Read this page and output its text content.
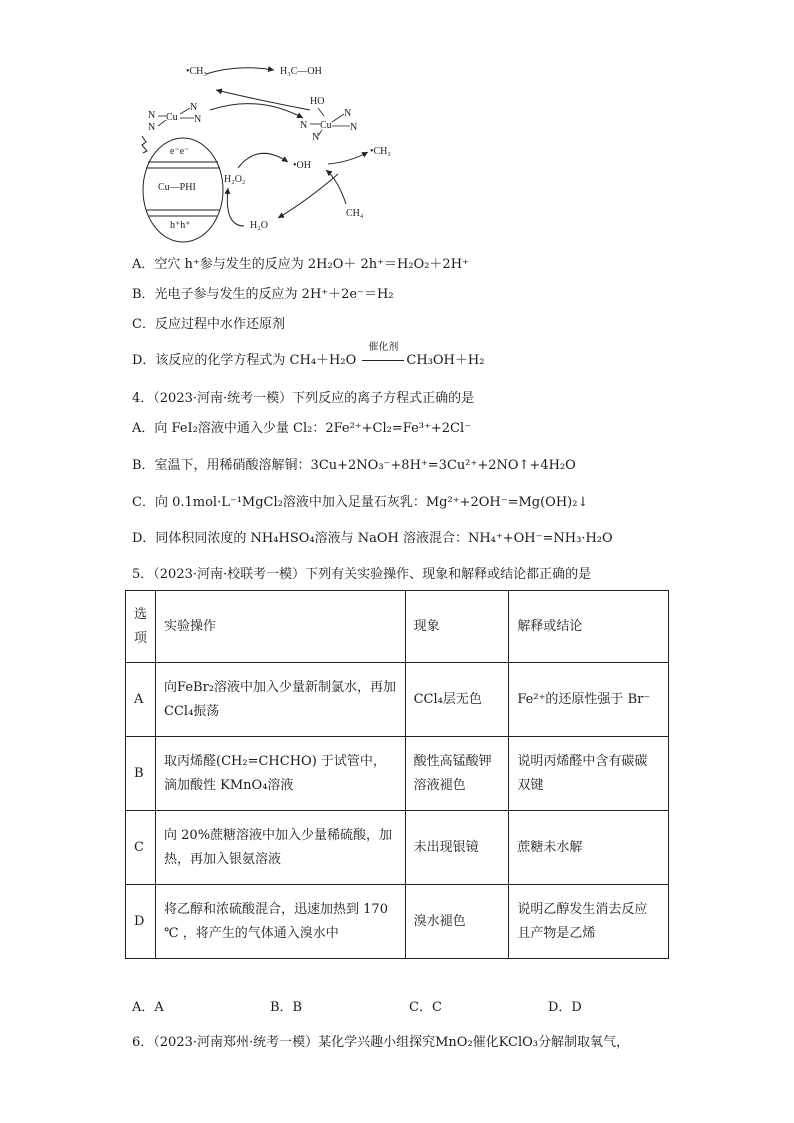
•CH₃	H₃C—OH
HO
Cu
N
N
N
N	Cu
N
N
N
N
e⁻e⁻
Cu—PHI
h⁺h⁺
H₂O₂
•OH
•CH₃
CH₄
H₂O
A．空穴 h⁺参与发生的反应为 2H₂O＋ 2h⁺＝H₂O₂＋2H⁺
B．光电子参与发生的反应为 2H⁺＋2e⁻＝H₂
C．反应过程中水作还原剂
D．该反应的化学方程式为 CH₄＋H₂O
催化剂
CH₃OH＋H₂
4．（2023·河南·统考一模）下列反应的离子方程式正确的是
A．向 FeI₂溶液中通入少量 Cl₂：2Fe²⁺+Cl₂=Fe³⁺+2Cl⁻
B．室温下，用稀硝酸溶解铜：3Cu+2NO₃⁻+8H⁺=3Cu²⁺+2NO↑+4H₂O
C．向 0.1mol·L⁻¹MgCl₂溶液中加入足量石灰乳：Mg²⁺+2OH⁻=Mg(OH)₂↓
D．同体积同浓度的 NH₄HSO₄溶液与 NaOH 溶液混合：NH₄⁺+OH⁻=NH₃·H₂O
5．（2023·河南·校联考一模）下列有关实验操作、现象和解释或结论都正确的是
选项	实验操作	现象	解释或结论
A	向FeBr₂溶液中加入少量新制氯水，再加 CCl₄振荡	CCl₄层无色	Fe²⁺的还原性强于 Br⁻
B	取丙烯醛(CH₂=CHCHO) 于试管中，滴加酸性 KMnO₄溶液	酸性高锰酸钾溶液褪色	说明丙烯醛中含有碳碳双键
C	向 20%蔗糖溶液中加入少量稀硫酸，加热，再加入银氨溶液	未出现银镜	蔗糖未水解
D	将乙醇和浓硫酸混合，迅速加热到 170 ℃ ，将产生的气体通入溴水中	溴水褪色	说明乙醇发生消去反应且产物是乙烯
A．A	B．B	C．C	D．D
6．（2023·河南郑州·统考一模）某化学兴趣小组探究MnO₂催化KClO₃分解制取氧气，
